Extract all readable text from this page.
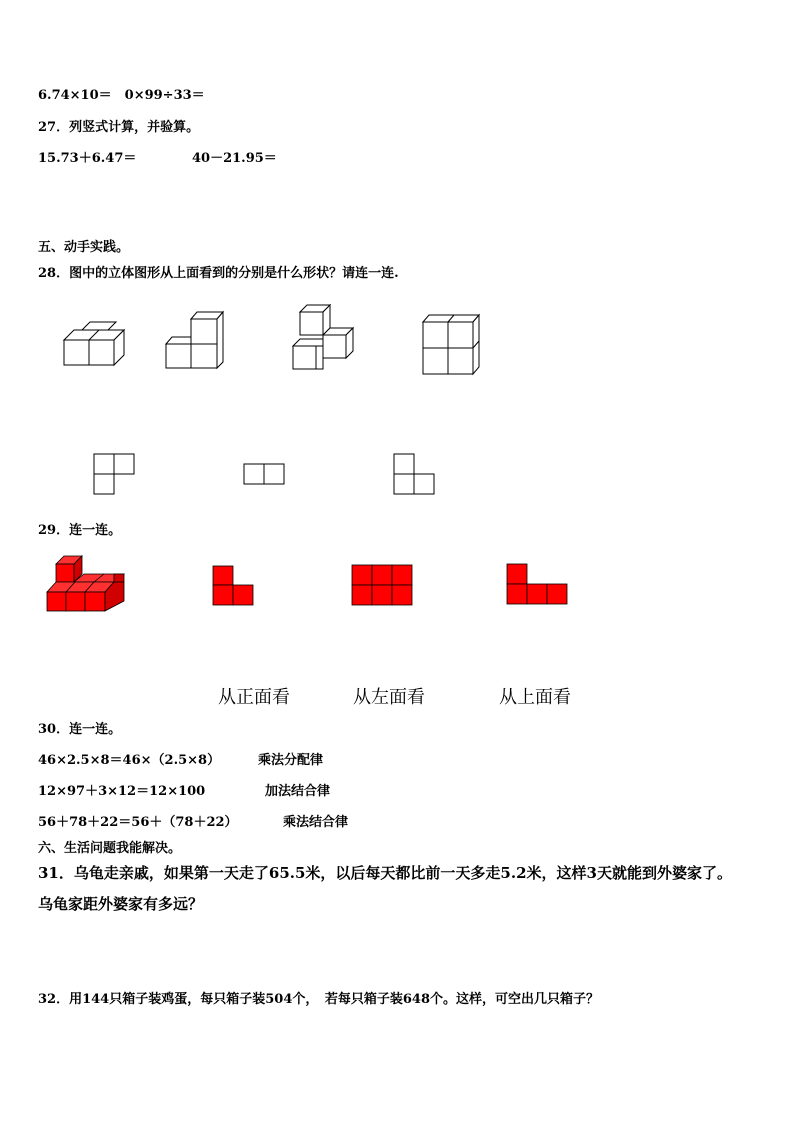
6.74×10＝　0×99÷33＝
27．列竖式计算，并验算。
15.73＋6.47＝	40－21.95＝
五、动手实践。
28．图中的立体图形从上面看到的分别是什么形状？请连一连.
29．连一连。
从正面看	从左面看	从上面看
30．连一连。
46×2.5×8＝46×（2.5×8）	乘法分配律
12×97＋3×12＝12×100	加法结合律
56＋78＋22＝56＋（78＋22）	乘法结合律
六、生活问题我能解决。
31．乌龟走亲戚，如果第一天走了65.5米，以后每天都比前一天多走5.2米，这样3天就能到外婆家了。
乌龟家距外婆家有多远？
32．用144只箱子装鸡蛋，每只箱子装504个，　若每只箱子装648个。这样，可空出几只箱子？
